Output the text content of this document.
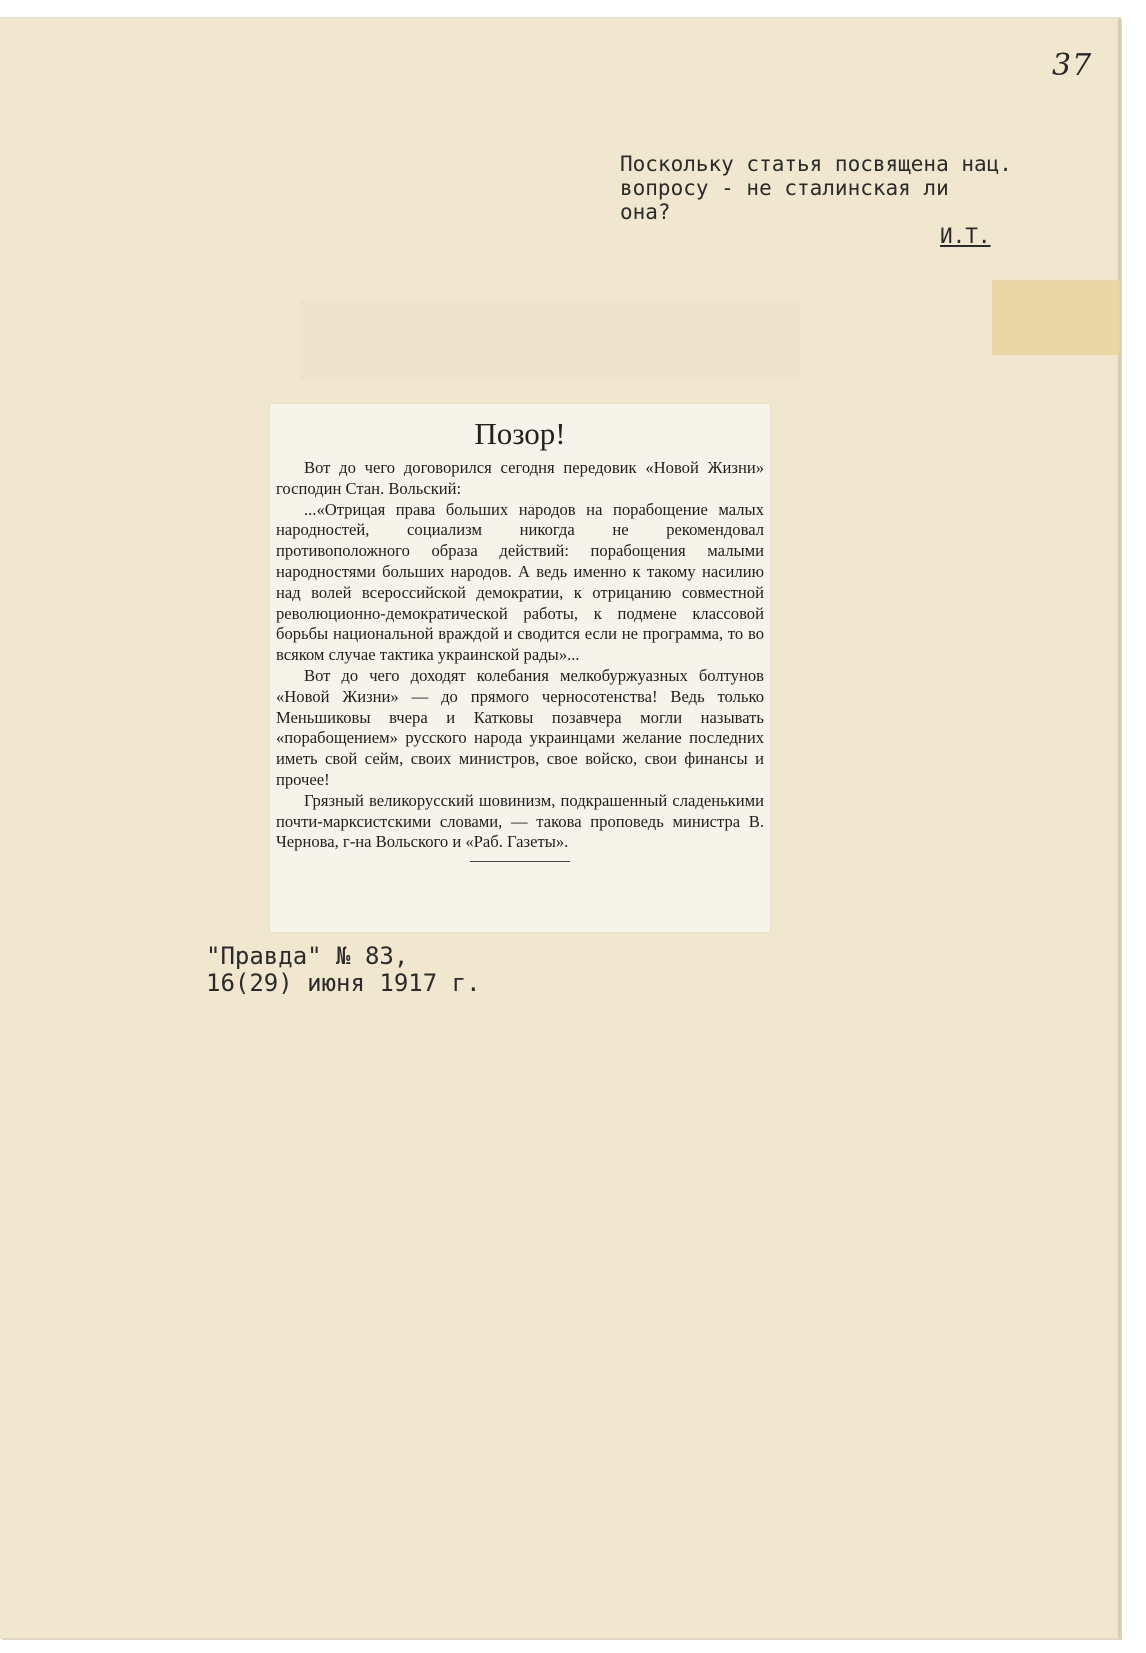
37
Поскольку статья посвящена нац.
вопросу - не сталинская ли
она?
И.Т.
Позор!

Вот до чего договорился сегодня передовик «Новой Жизни» господин Стан. Вольский:

...«Отрицая права больших народов на порабощение малых народностей, социализм никогда не рекомендовал противоположного образа действий: порабощения малыми народностями больших народов. А ведь именно к такому насилию над волей всероссийской демократии, к отрицанию совместной революционно-демократической работы, к подмене классовой борьбы национальной враждой и сводится если не программа, то во всяком случае тактика украинской рады»...

Вот до чего доходят колебания мелкобуржуазных болтунов «Новой Жизни» — до прямого черносотенства! Ведь только Меньшиковы вчера и Катковы позавчера могли называть «порабощением» русского народа украинцами желание последних иметь свой сейм, своих министров, свое войско, свои финансы и прочее!

Грязный великорусский шовинизм, подкрашенный сладенькими почти-марксистскими словами, — такова проповедь министра В. Чернова, г-на Вольского и «Раб. Газеты».

"Правда" № 83,
16(29) июня 1917 г.
